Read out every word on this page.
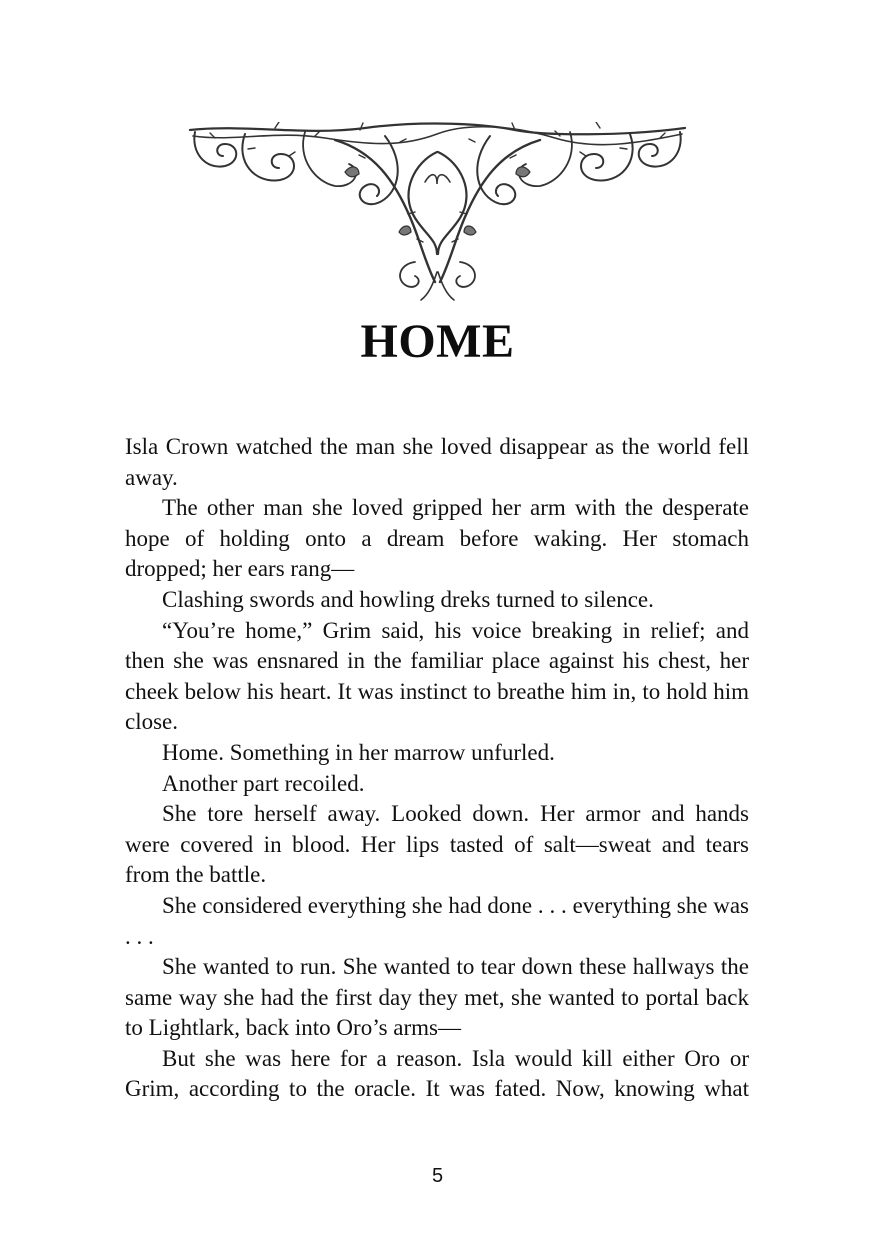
HOME

Isla Crown watched the man she loved disappear as the world fell away.

The other man she loved gripped her arm with the desperate hope of holding onto a dream before waking. Her stomach dropped; her ears rang—

Clashing swords and howling dreks turned to silence.

“You’re home,” Grim said, his voice breaking in relief; and then she was ensnared in the familiar place against his chest, her cheek below his heart. It was instinct to breathe him in, to hold him close.

Home. Something in her marrow unfurled.

Another part recoiled.

She tore herself away. Looked down. Her armor and hands were covered in blood. Her lips tasted of salt—sweat and tears from the battle.

She considered everything she had done . . . everything she was . . .

She wanted to run. She wanted to tear down these hallways the same way she had the first day they met, she wanted to portal back to Lightlark, back into Oro’s arms—

But she was here for a reason. Isla would kill either Oro or Grim, according to the oracle. It was fated. Now, knowing what

5
